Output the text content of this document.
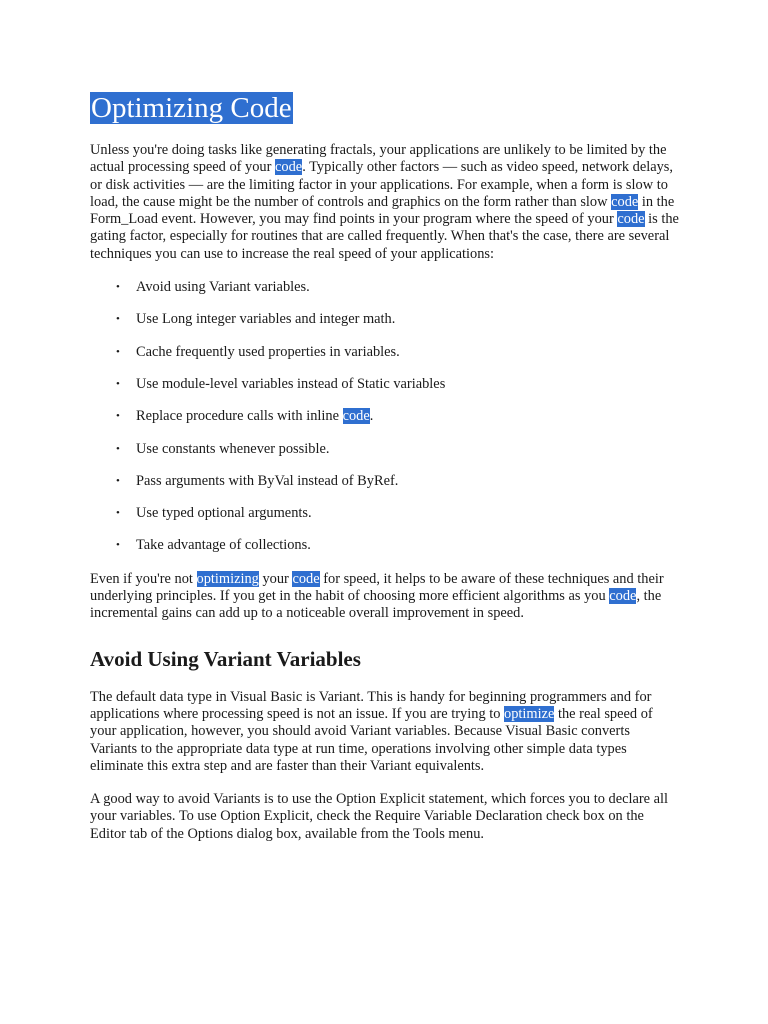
Optimizing Code

Unless you're doing tasks like generating fractals, your applications are unlikely to be limited by the actual processing speed of your code. Typically other factors — such as video speed, network delays, or disk activities — are the limiting factor in your applications. For example, when a form is slow to load, the cause might be the number of controls and graphics on the form rather than slow code in the Form_Load event. However, you may find points in your program where the speed of your code is the gating factor, especially for routines that are called frequently. When that's the case, there are several techniques you can use to increase the real speed of your applications:

• Avoid using Variant variables.
• Use Long integer variables and integer math.
• Cache frequently used properties in variables.
• Use module-level variables instead of Static variables
• Replace procedure calls with inline code.
• Use constants whenever possible.
• Pass arguments with ByVal instead of ByRef.
• Use typed optional arguments.
• Take advantage of collections.

Even if you're not optimizing your code for speed, it helps to be aware of these techniques and their underlying principles. If you get in the habit of choosing more efficient algorithms as you code, the incremental gains can add up to a noticeable overall improvement in speed.

Avoid Using Variant Variables

The default data type in Visual Basic is Variant. This is handy for beginning programmers and for applications where processing speed is not an issue. If you are trying to optimize the real speed of your application, however, you should avoid Variant variables. Because Visual Basic converts Variants to the appropriate data type at run time, operations involving other simple data types eliminate this extra step and are faster than their Variant equivalents.

A good way to avoid Variants is to use the Option Explicit statement, which forces you to declare all your variables. To use Option Explicit, check the Require Variable Declaration check box on the Editor tab of the Options dialog box, available from the Tools menu.
